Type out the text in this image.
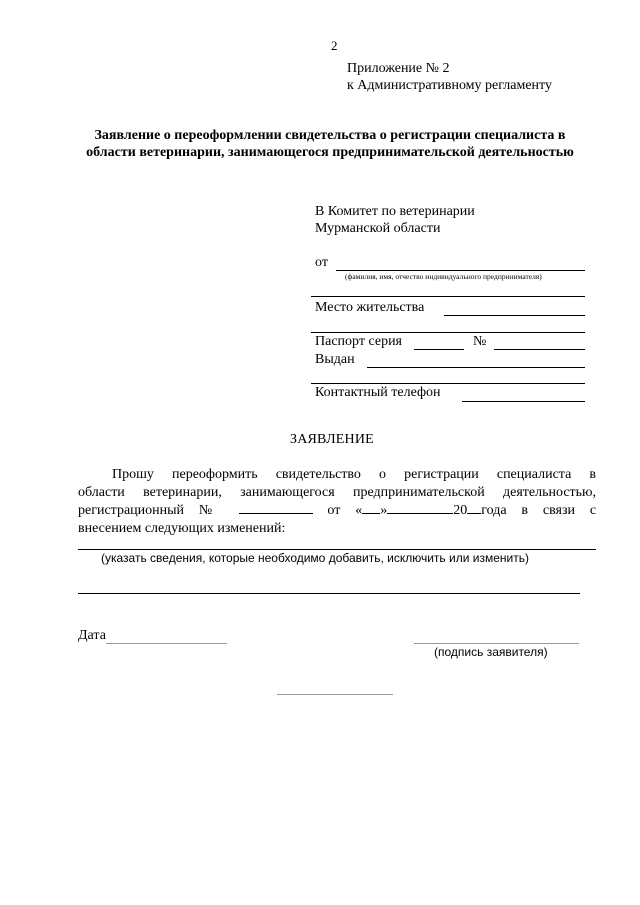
2
Приложение № 2
к Административному регламенту
Заявление о переоформлении свидетельства о регистрации специалиста в области ветеринарии, занимающегося предпринимательской деятельностью
В Комитет по ветеринарии
Мурманской области
от
(фамилия, имя, отчество индивидуального предпринимателя)
Место жительства
Паспорт серия	№
Выдан
Контактный телефон
ЗАЯВЛЕНИЕ
Прошу переоформить свидетельство о регистрации специалиста в
области ветеринарии, занимающегося предпринимательской деятельностью,
регистрационный №	от « »	20 года в связи с
внесением следующих изменений:
(указать сведения, которые необходимо добавить, исключить или изменить)
Дата
(подпись заявителя)
